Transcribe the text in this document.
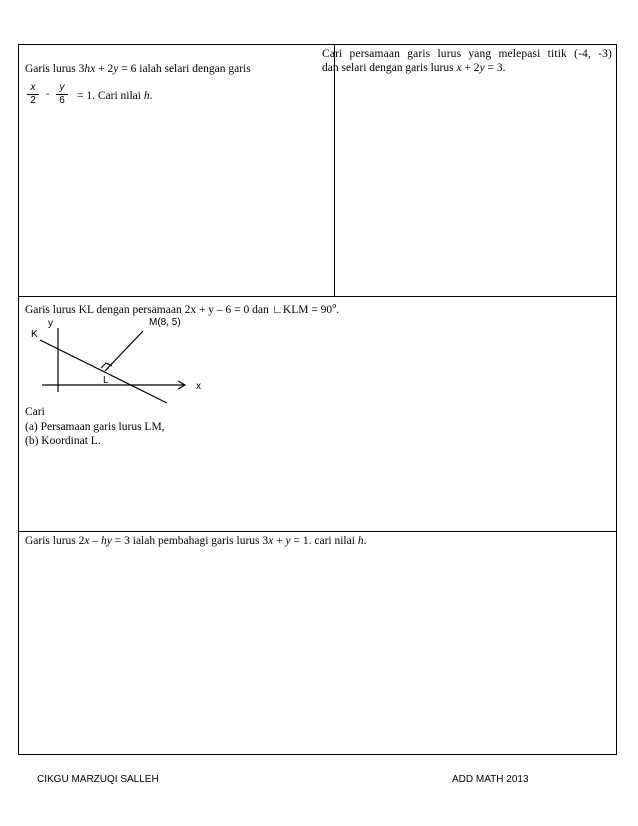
Garis lurus 3hx + 2y = 6 ialah selari dengan garis
$\frac{x}{2} - \frac{y}{6} = 1$. Cari nilai h.
Cari persamaan garis lurus yang melepasi titik (-4, -3)
dan selari dengan garis lurus x + 2y = 3.
Garis lurus KL dengan persamaan 2x + y – 6 = 0 dan ∟KLM = $90^o$.
y
K
M(8, 5)
L
x
Cari
(a) Persamaan garis lurus LM,
(b) Koordinat L.
Garis lurus 2x – hy = 3 ialah pembahagi garis lurus 3x + y = 1. cari nilai h.
CIKGU MARZUQI SALLEH	ADD MATH 2013
